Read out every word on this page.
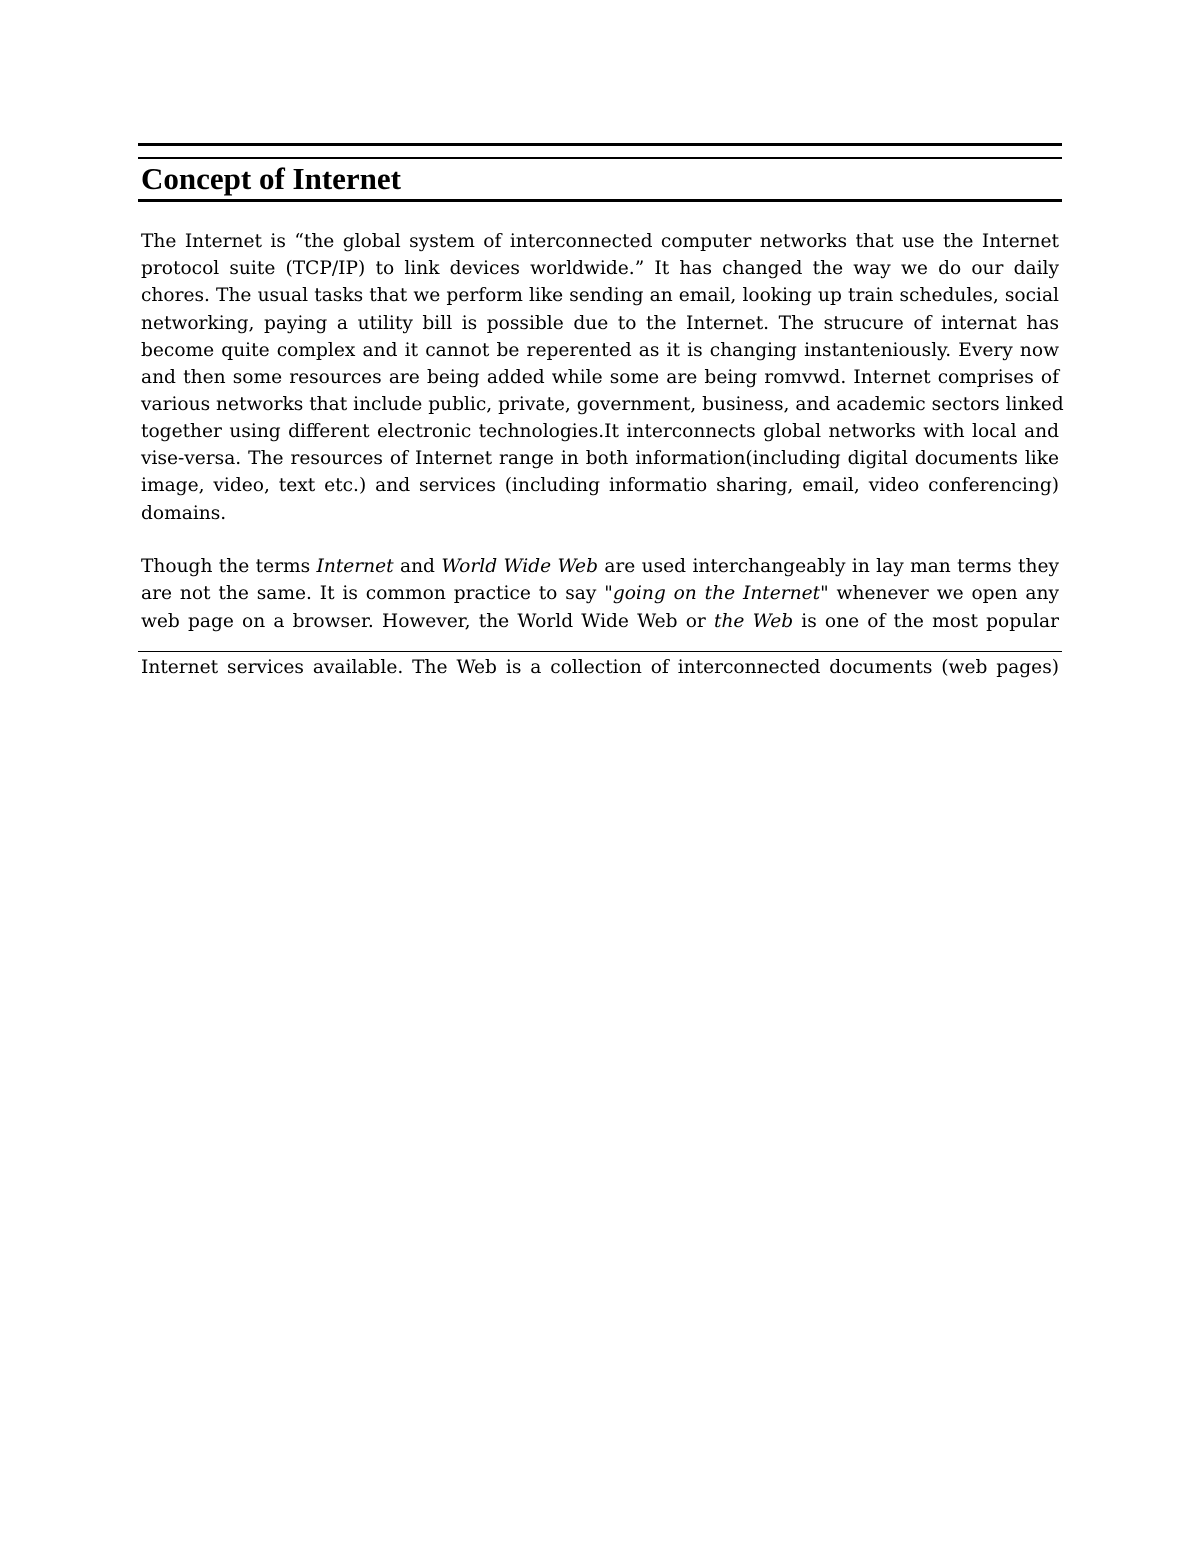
Concept of Internet
The Internet is “the global system of interconnected computer networks that use the Internet
protocol suite (TCP/IP) to link devices worldwide.” It has changed the way we do our daily
chores. The usual tasks that we perform like sending an email, looking up train schedules, social
networking, paying a utility bill is possible due to the Internet. The strucure of internat has
become quite complex and it cannot be reperented as it is changing instanteniously. Every now
and then some resources are being added while some are being romvwd. Internet comprises of
various networks that include public, private, government, business, and academic sectors linked
together using different electronic technologies.It interconnects global networks with local and
vise-versa. The resources of Internet range in both information(including digital documents like
image, video, text etc.) and services (including informatio sharing, email, video conferencing)
domains.
Though the terms Internet and World Wide Web are used interchangeably in lay man terms they
are not the same. It is common practice to say "going on the Internet" whenever we open any
web page on a browser. However, the World Wide Web or the Web is one of the most popular
Internet services available. The Web is a collection of interconnected documents (web pages)
